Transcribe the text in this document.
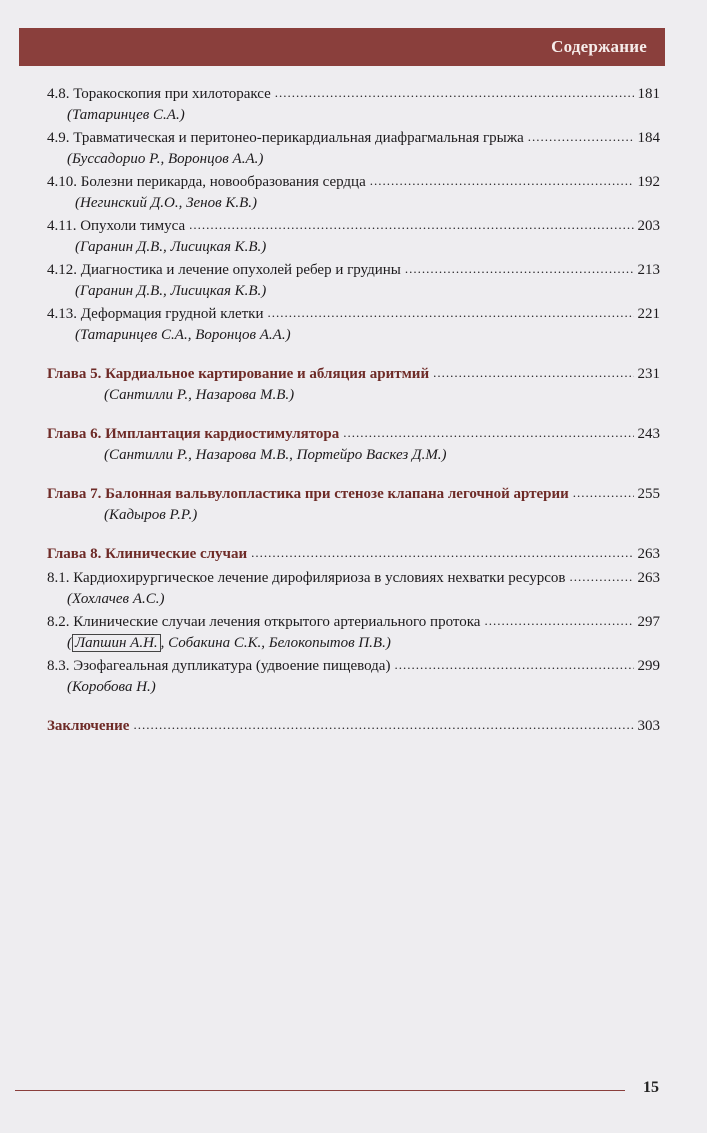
Содержание
4.8. Торакоскопия при хилотораксе .....	181
(Татаринцев С.А.)
4.9. Травматическая и перитонео-перикардиальная диафрагмальная грыжа .....	184
(Буссадорио Р., Воронцов А.А.)
4.10. Болезни перикарда, новообразования сердца .....	192
(Негинский Д.О., Зенов К.В.)
4.11. Опухоли тимуса .....	203
(Гаранин Д.В., Лисицкая К.В.)
4.12. Диагностика и лечение опухолей ребер и грудины .....	213
(Гаранин Д.В., Лисицкая К.В.)
4.13. Деформация грудной клетки .....	221
(Татаринцев С.А., Воронцов А.А.)
Глава 5. Кардиальное картирование и абляция аритмий .....	231
(Сантилли Р., Назарова М.В.)
Глава 6. Имплантация кардиостимулятора .....	243
(Сантилли Р., Назарова М.В., Портейро Васкез Д.М.)
Глава 7. Балонная вальвулопластика при стенозе клапана легочной артерии .....	255
(Кадыров Р.Р.)
Глава 8. Клинические случаи .....	263
8.1. Кардиохирургическое лечение дирофиляриоза в условиях нехватки ресурсов .....	263
(Хохлачев А.С.)
8.2. Клинические случаи лечения открытого артериального протока .....	297
( Лапшин А.Н. , Собакина С.К., Белокопытов П.В.)
8.3. Эзофагеальная дупликатура (удвоение пищевода) .....	299
(Коробова Н.)
Заключение .....	303
15
